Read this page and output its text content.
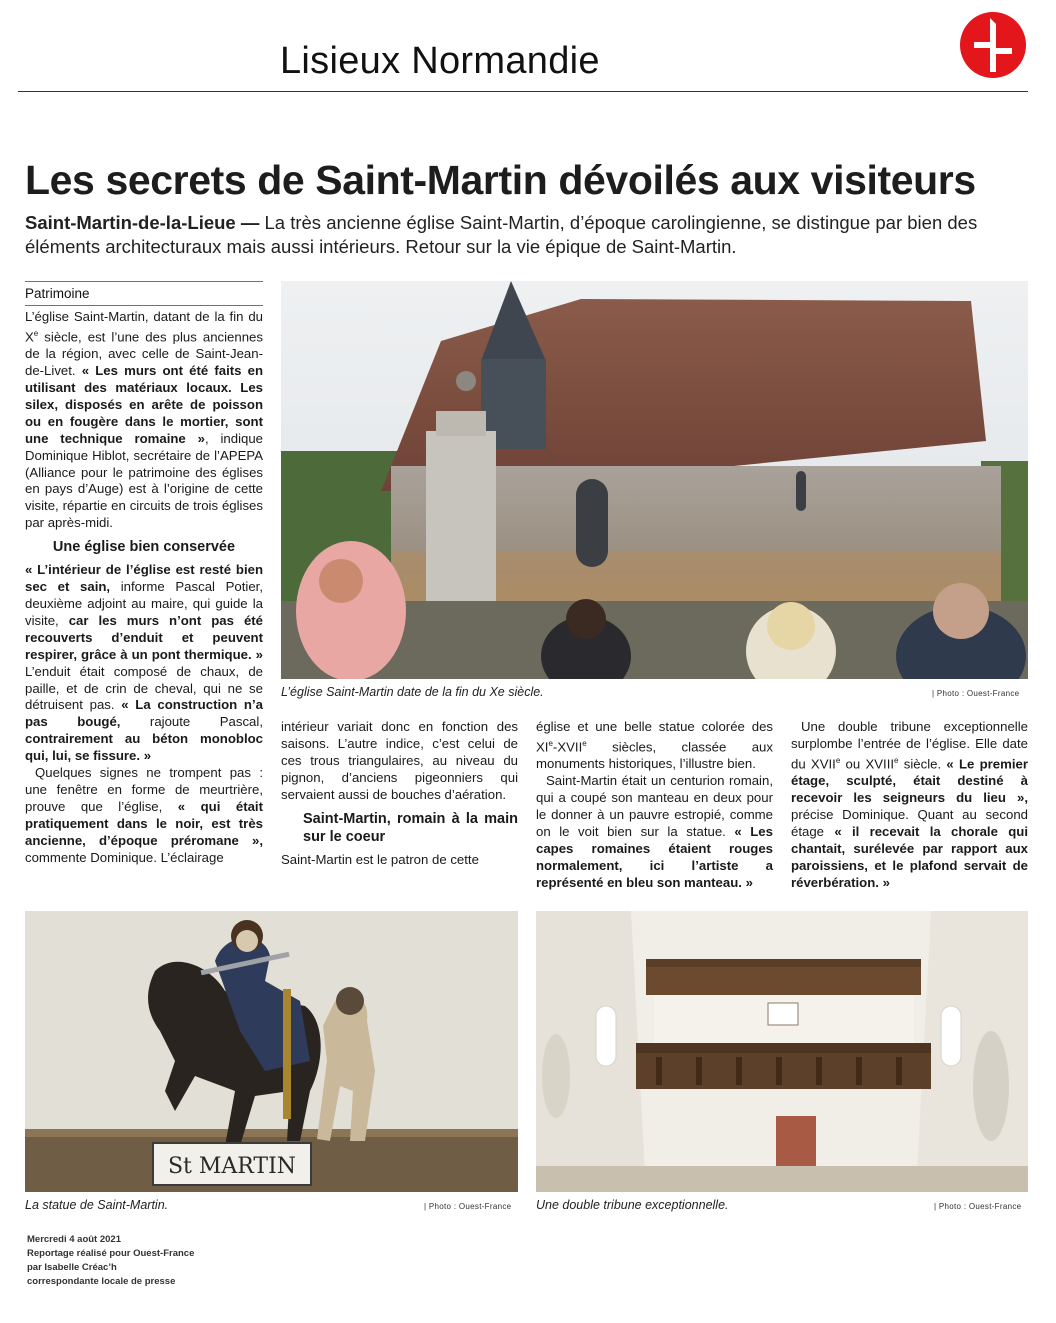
Lisieux Normandie
Les secrets de Saint-Martin dévoilés aux visiteurs
Saint-Martin-de-la-Lieue — La très ancienne église Saint-Martin, d’époque carolingienne, se distingue par bien des éléments architecturaux mais aussi intérieurs. Retour sur la vie épique de Saint-Martin.
Patrimoine

L’église Saint-Martin, datant de la fin du Xe siècle, est l’une des plus anciennes de la région, avec celle de Saint-Jean-de-Livet. « Les murs ont été faits en utilisant des matériaux locaux. Les silex, disposés en arête de poisson ou en fougère dans le mortier, sont une technique romaine », indique Dominique Hiblot, secrétaire de l’APEPA (Alliance pour le patrimoine des églises en pays d’Auge) est à l’origine de cette visite, répartie en circuits de trois églises par après-midi.

Une église bien conservée

« L’intérieur de l’église est resté bien sec et sain, informe Pascal Potier, deuxième adjoint au maire, qui guide la visite, car les murs n’ont pas été recouverts d’enduit et peuvent respirer, grâce à un pont thermique. » L’enduit était composé de chaux, de paille, et de crin de cheval, qui ne se détruisent pas. « La construction n’a pas bougé, rajoute Pascal, contrairement au béton monobloc qui, lui, se fissure. »

Quelques signes ne trompent pas : une fenêtre en forme de meurtrière, prouve que l’église, « qui était pratiquement dans le noir, est très ancienne, d’époque préromane », commente Dominique. L’éclairage

L’église Saint-Martin date de la fin du Xe siècle.	| Photo : Ouest-France

intérieur variait donc en fonction des saisons. L’autre indice, c’est celui de ces trous triangulaires, au niveau du pignon, d’anciens pigeonniers qui servaient aussi de bouches d’aération.

Saint-Martin, romain à la main sur le coeur

Saint-Martin est le patron de cette

église et une belle statue colorée des XIe-XVIIe siècles, classée aux monuments historiques, l’illustre bien.

Saint-Martin était un centurion romain, qui a coupé son manteau en deux pour le donner à un pauvre estropié, comme on le voit bien sur la statue. « Les capes romaines étaient rouges normalement, ici l’artiste a représenté en bleu son manteau. »

Une double tribune exceptionnelle surplombe l’entrée de l’église. Elle date du XVIIe ou XVIIIe siècle. « Le premier étage, sculpté, était destiné à recevoir les seigneurs du lieu », précise Dominique. Quant au second étage « il recevait la chorale qui chantait, surélevée par rapport aux paroissiens, et le plafond servait de réverbération. »

St MARTIN
La statue de Saint-Martin.	| Photo : Ouest-France Une double tribune exceptionnelle.	| Photo : Ouest-France
Mercredi 4 août 2021
Reportage réalisé pour Ouest-France
par Isabelle Créac’h
correspondante locale de presse
